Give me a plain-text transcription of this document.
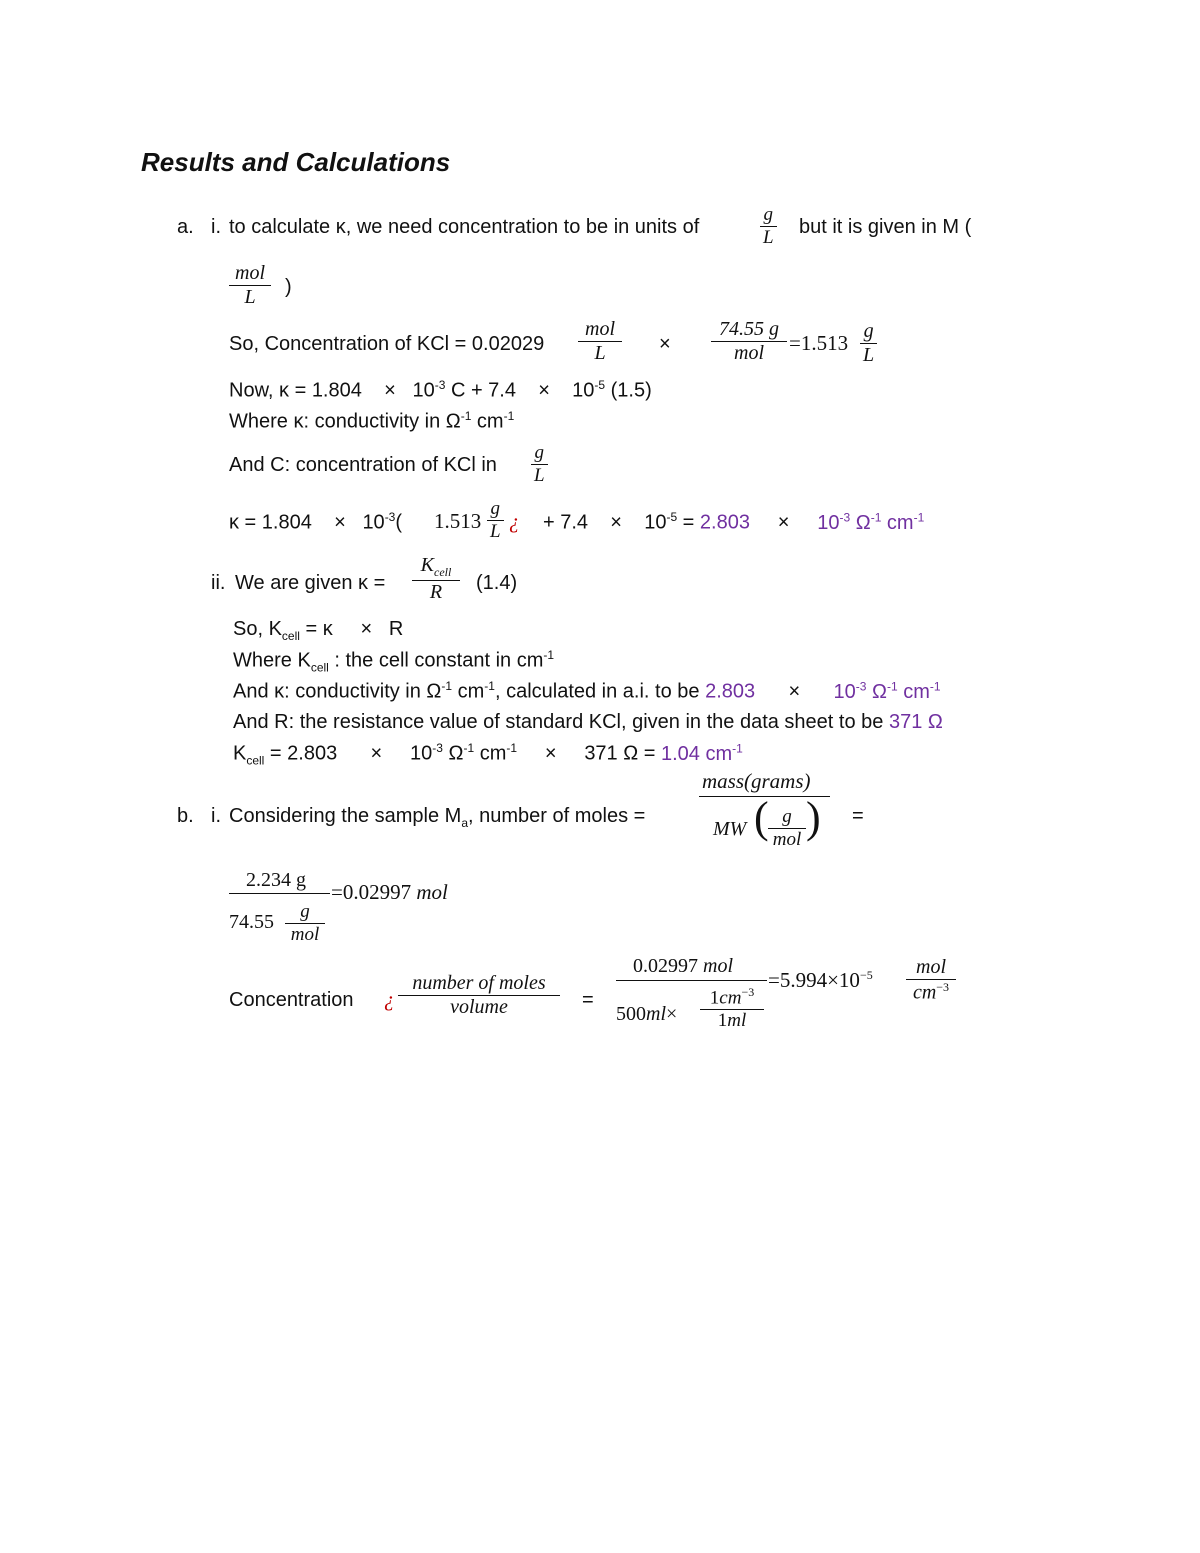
Results and Calculations
a. i. to calculate κ, we need concentration to be in units of	$\frac{g}{L}$ but it is given in M (
mol
L	)
So, Concentration of KCl = 0.02029
mol
L	×
74.55 g
mol	$=1.513 \frac{g}{L}$
Now, $\kappa = 1.804 \times 10^{-3}$ $C + 7.4 \times 10^{-5}$ (1.5)
Where κ: conductivity in $\Omega^{-1}$ $cm^{-1}$
And C: concentration of KCl in $\frac{g}{L}$
$\kappa = 1.804 \times 10^{-3}$( $1.513 \frac{g}{L}$ ¿ + $7.4 \times 10^{-5} = 2.803 \times 10^{-3}$ $\Omega^{-1}$ $cm^{-1}$
ii. We are given κ =
$K_{cell}$
R	(1.4)
So, $K_{cell} = \kappa \times R$
Where $K_{cell}$ : the cell constant in $cm^{-1}$
And κ: conductivity in $\Omega^{-1}$ $cm^{-1}$, calculated in a.i. to be $2.803 \times 10^{-3}$ $\Omega^{-1}$ $cm^{-1}$
And R: the resistance value of standard KCl, given in the data sheet to be 371 Ω
$K_{cell} = 2.803 \times 10^{-3}$ $\Omega^{-1}$ $cm^{-1} \times 371$ Ω = 1.04 $cm^{-1}$
b. i. Considering the sample $M_a$, number of moles =
mass(grams)
MW ( g
mol ) =
2.234 g
74.55	g
mol
=0.02997 mol
Concentration ¿
number of moles
volume	=
0.02997 mol
$500ml\times \frac{1cm^{-3}}{1ml}$
$=5.994\times 10^{-5}$	mol
$cm^{-3}$
